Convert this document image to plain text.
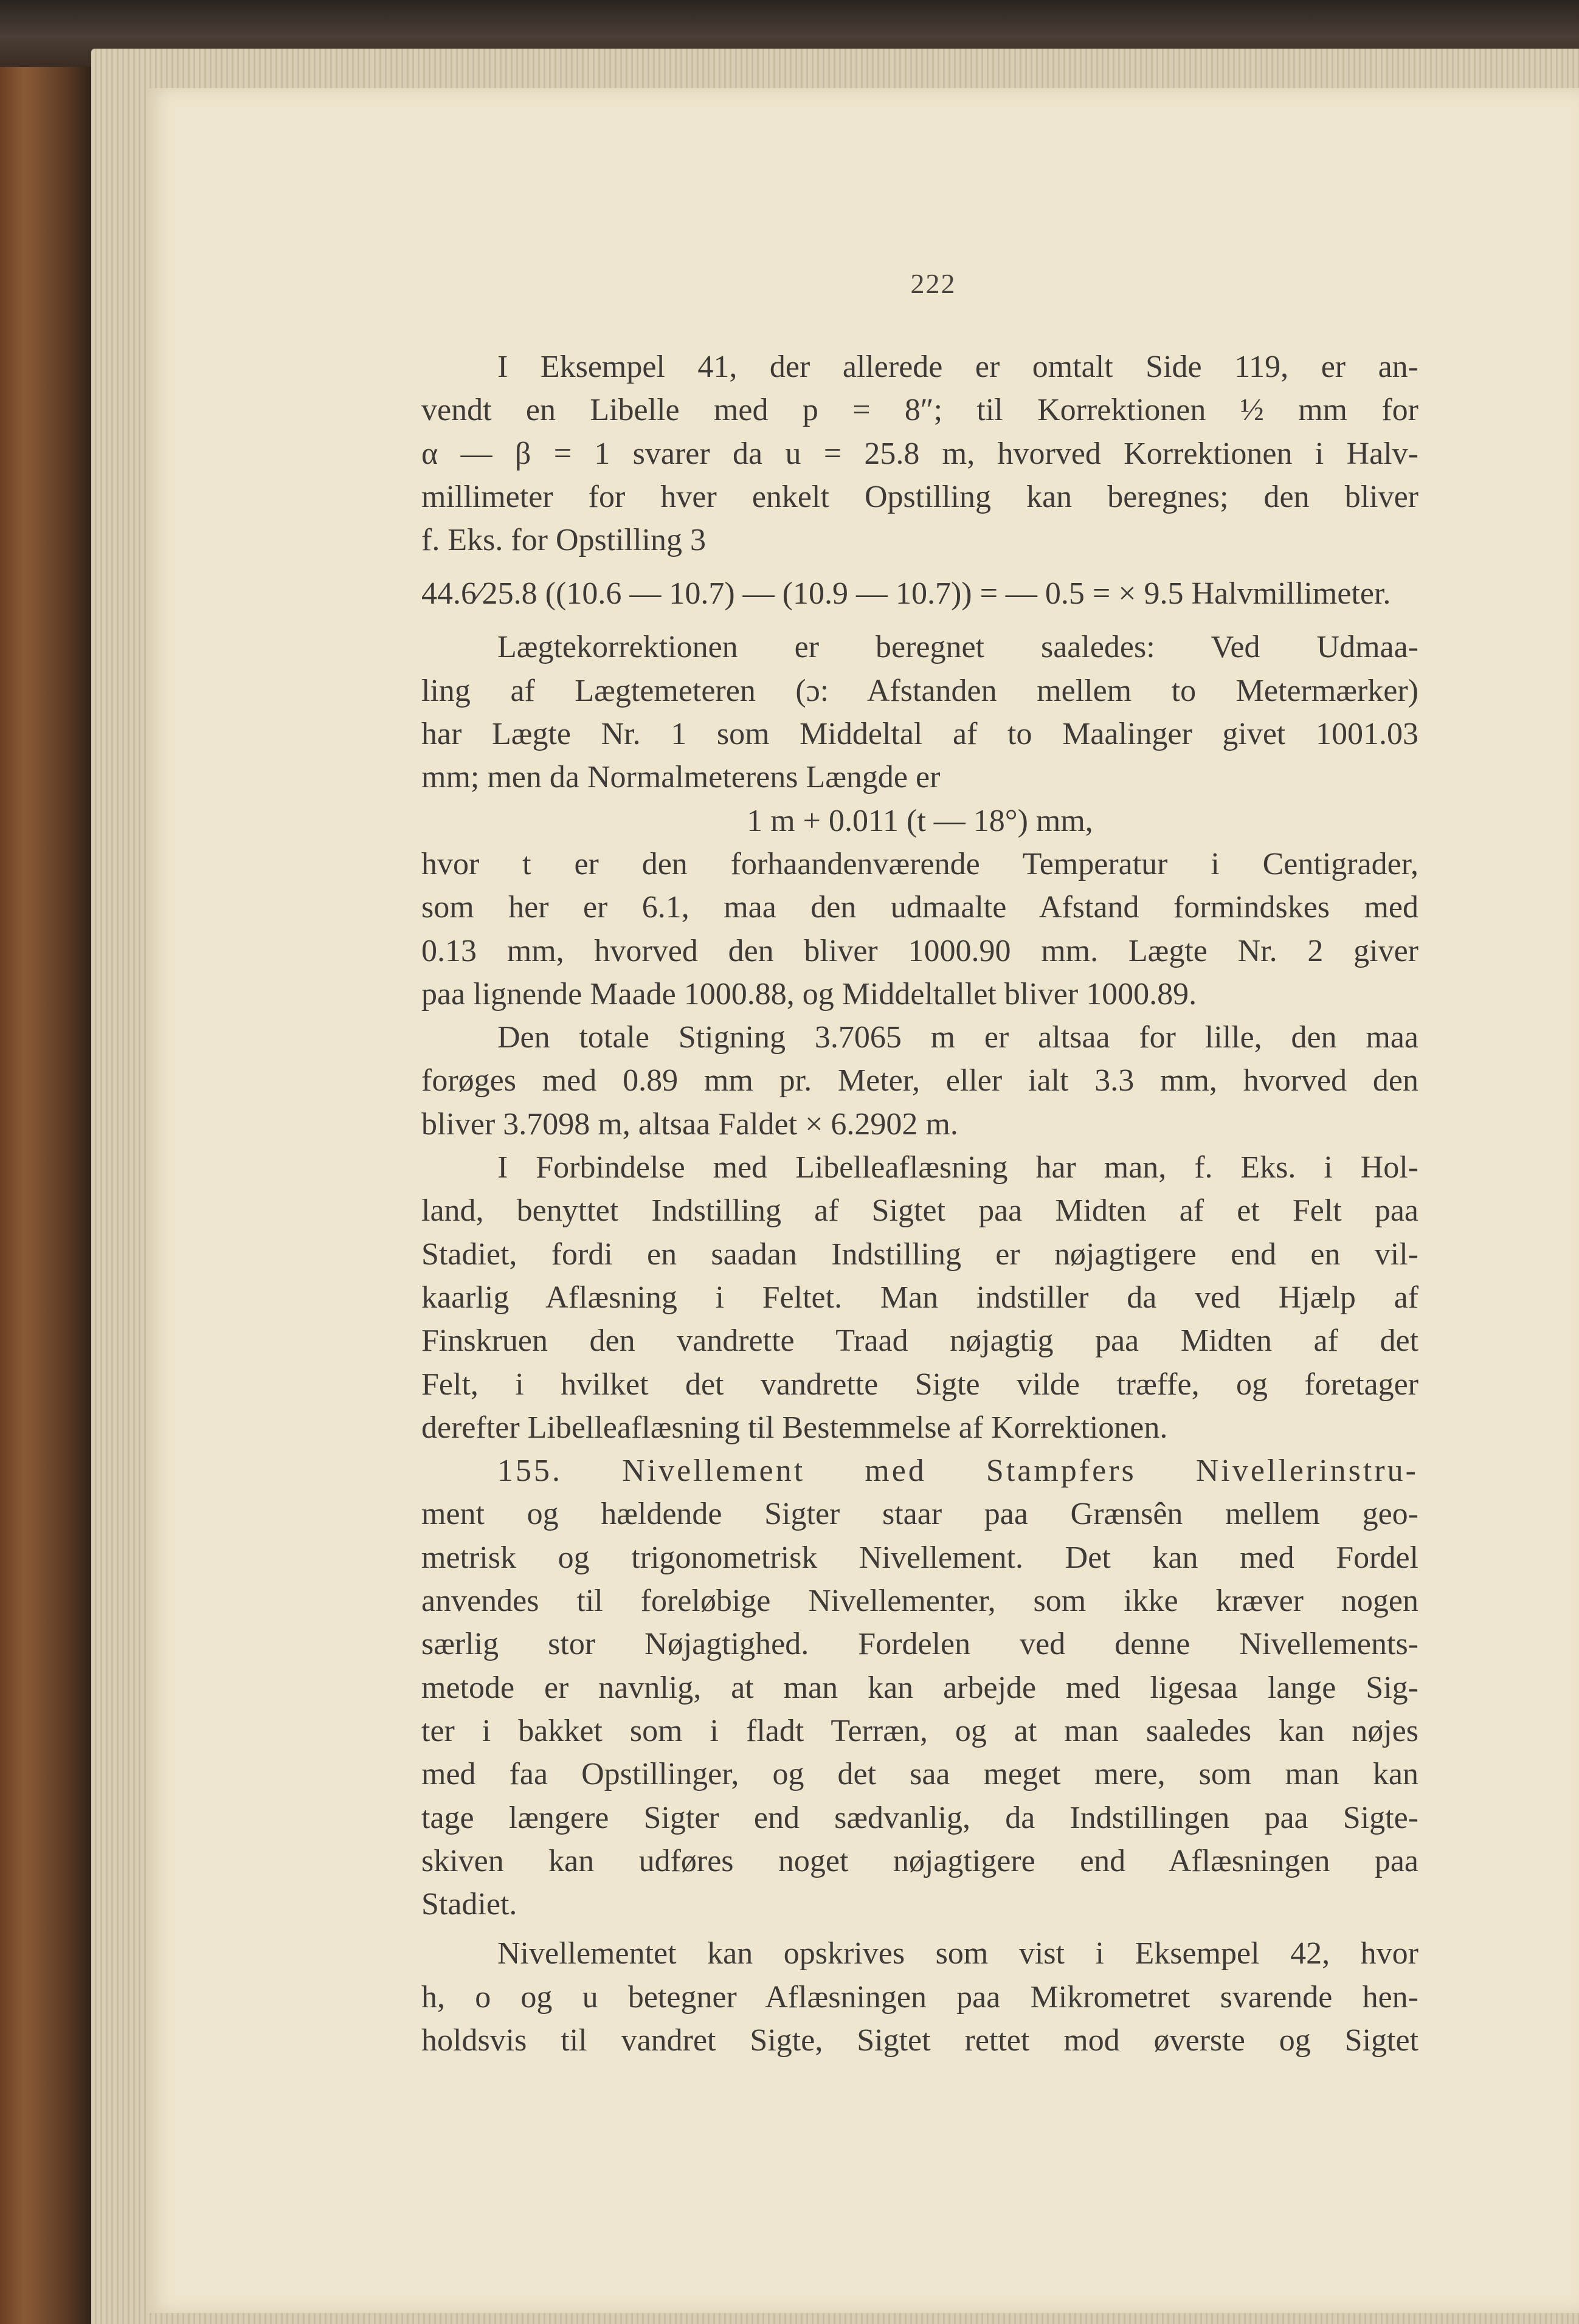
222
I Eksempel 41, der allerede er omtalt Side 119, er an-
vendt en Libelle med p = 8″; til Korrektionen ½ mm for
α — β = 1 svarer da u = 25.8 m, hvorved Korrektionen i Halv-
millimeter for hver enkelt Opstilling kan beregnes; den bliver
f. Eks. for Opstilling 3
44.6⁄25.8 ((10.6 — 10.7) — (10.9 — 10.7)) = — 0.5 = × 9.5 Halvmillimeter.
Lægtekorrektionen er beregnet saaledes: Ved Udmaa-
ling af Lægtemeteren (ɔ: Afstanden mellem to Metermærker)
har Lægte Nr. 1 som Middeltal af to Maalinger givet 1001.03
mm; men da Normalmeterens Længde er
1 m + 0.011 (t — 18°) mm,
hvor t er den forhaandenværende Temperatur i Centigrader,
som her er 6.1, maa den udmaalte Afstand formindskes med
0.13 mm, hvorved den bliver 1000.90 mm. Lægte Nr. 2 giver
paa lignende Maade 1000.88, og Middeltallet bliver 1000.89.
Den totale Stigning 3.7065 m er altsaa for lille, den maa
forøges med 0.89 mm pr. Meter, eller ialt 3.3 mm, hvorved den
bliver 3.7098 m, altsaa Faldet × 6.2902 m.
I Forbindelse med Libelleaflæsning har man, f. Eks. i Hol-
land, benyttet Indstilling af Sigtet paa Midten af et Felt paa
Stadiet, fordi en saadan Indstilling er nøjagtigere end en vil-
kaarlig Aflæsning i Feltet. Man indstiller da ved Hjælp af
Finskruen den vandrette Traad nøjagtig paa Midten af det
Felt, i hvilket det vandrette Sigte vilde træffe, og foretager
derefter Libelleaflæsning til Bestemmelse af Korrektionen.
155. Nivellement med Stampfers Nivellerinstru-
ment og hældende Sigter staar paa Grænsên mellem geo-
metrisk og trigonometrisk Nivellement. Det kan med Fordel
anvendes til foreløbige Nivellementer, som ikke kræver nogen
særlig stor Nøjagtighed. Fordelen ved denne Nivellements-
metode er navnlig, at man kan arbejde med ligesaa lange Sig-
ter i bakket som i fladt Terræn, og at man saaledes kan nøjes
med faa Opstillinger, og det saa meget mere, som man kan
tage længere Sigter end sædvanlig, da Indstillingen paa Sigte-
skiven kan udføres noget nøjagtigere end Aflæsningen paa
Stadiet.
Nivellementet kan opskrives som vist i Eksempel 42, hvor
h, o og u betegner Aflæsningen paa Mikrometret svarende hen-
holdsvis til vandret Sigte, Sigtet rettet mod øverste og Sigtet
